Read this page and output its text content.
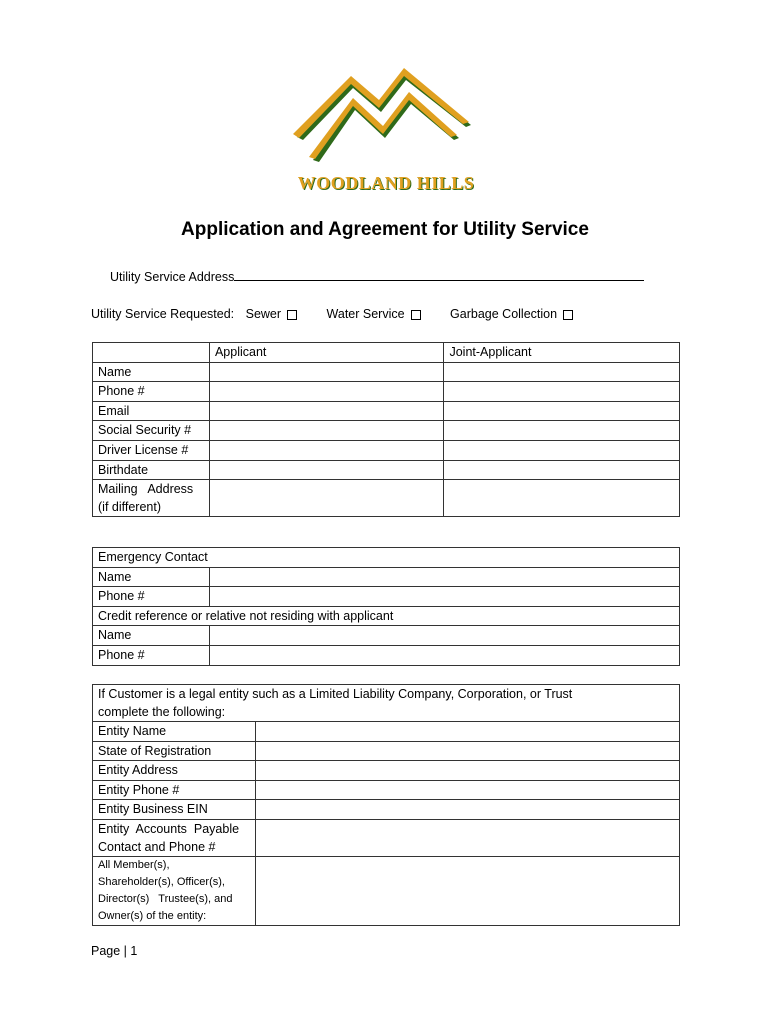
WOODLAND HILLS
Application and Agreement for Utility Service
Utility Service Address
Utility Service Requested: Sewer	Water Service	Garbage Collection
	Applicant	Joint-Applicant
Name		
Phone #		
Email		
Social Security #		
Driver License #		
Birthdate		

Mailing   Address
(if different)		

Emergency Contact	
Name	
Phone #	
Credit reference or relative not residing with applicant	
Name	
Phone #	
If Customer is a legal entity such as a Limited Liability Company, Corporation, or Trust
complete the following:	

Entity Name	
State of Registration	
Entity Address	
Entity Phone #	
Entity Business EIN	

Entity  Accounts  Payable
Contact and Phone #	

All Member(s),
Shareholder(s), Officer(s),
Director(s)   Trustee(s), and
Owner(s) of the entity:	

Page | 1
